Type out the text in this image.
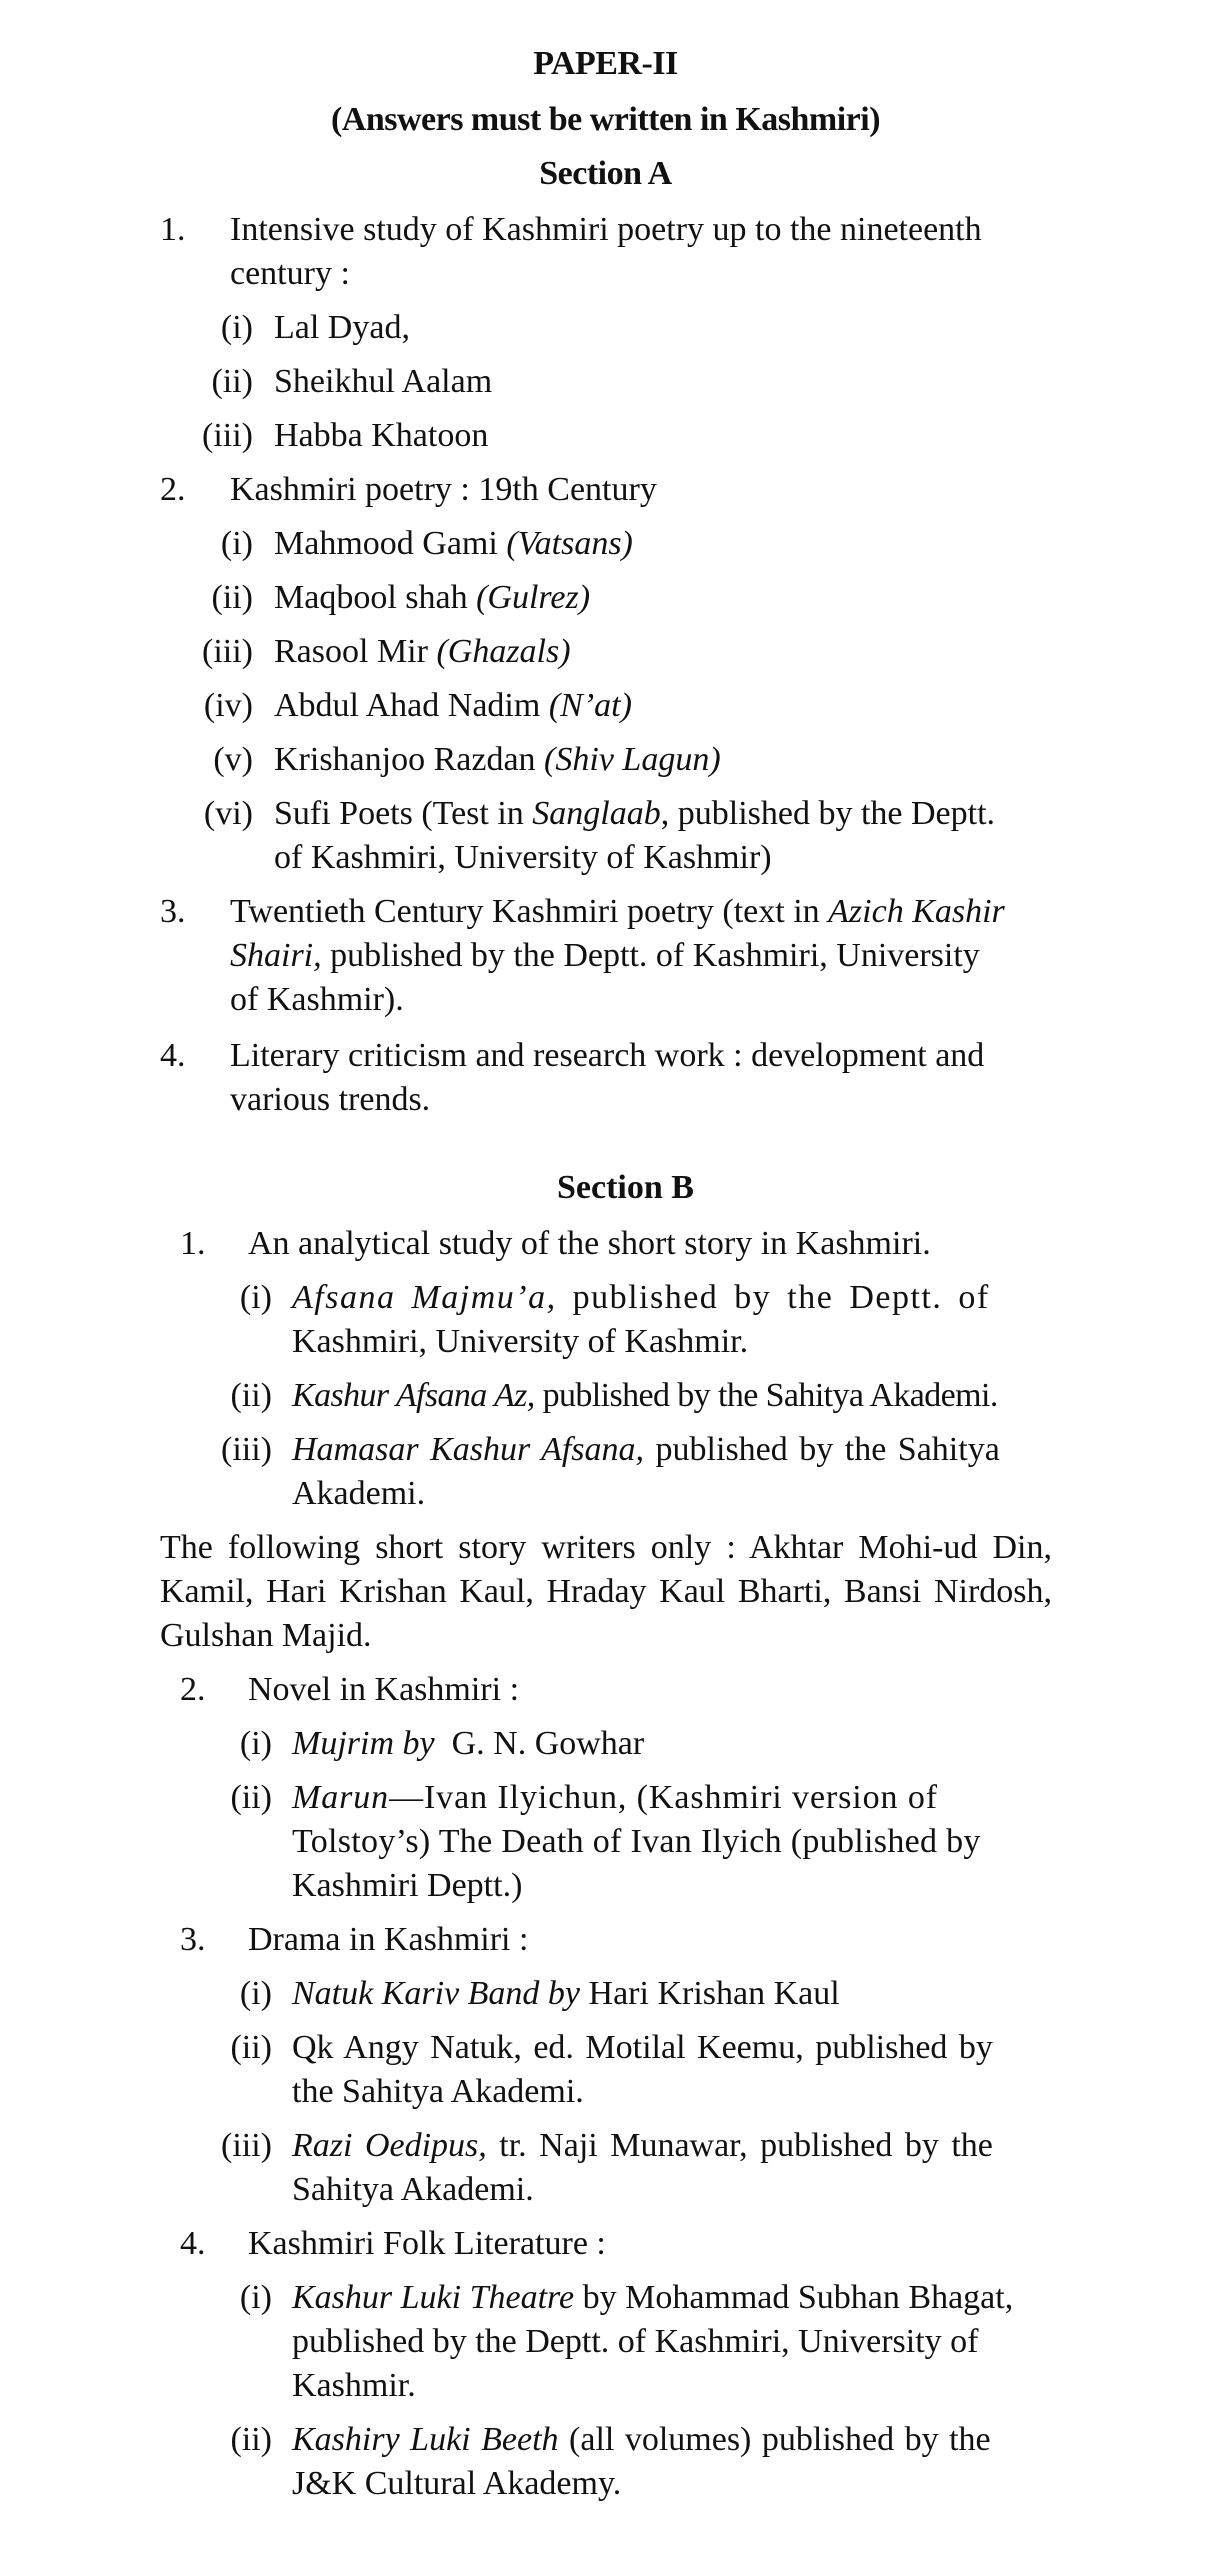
PAPER-II
(Answers must be written in Kashmiri)
Section A
1. Intensive study of Kashmiri poetry up to the nineteenth
century :
(i) Lal Dyad,
(ii) Sheikhul Aalam
(iii) Habba Khatoon
2. Kashmiri poetry : 19th Century
(i) Mahmood Gami (Vatsans)
(ii) Maqbool shah (Gulrez)
(iii) Rasool Mir (Ghazals)
(iv) Abdul Ahad Nadim (N’at)
(v) Krishanjoo Razdan (Shiv Lagun)
(vi) Sufi Poets (Test in Sanglaab, published by the Deptt.
of Kashmiri, University of Kashmir)
3. Twentieth Century Kashmiri poetry (text in Azich Kashir
Shairi, published by the Deptt. of Kashmiri, University
of Kashmir).
4. Literary criticism and research work : development and
various trends.
Section B
1. An analytical study of the short story in Kashmiri.
(i) Afsana Majmu’a, published by the Deptt. of
Kashmiri, University of Kashmir.
(ii) Kashur Afsana Az, published by the Sahitya Akademi.
(iii) Hamasar Kashur Afsana, published by the Sahitya
Akademi.
The following short story writers only : Akhtar Mohi-ud Din, Kamil, Hari Krishan Kaul, Hraday Kaul Bharti, Bansi Nirdosh, Gulshan Majid.
2. Novel in Kashmiri :
(i) Mujrim by  G. N. Gowhar
(ii) Marun—Ivan Ilyichun, (Kashmiri version of
Tolstoy’s) The Death of Ivan Ilyich (published by
Kashmiri Deptt.)
3. Drama in Kashmiri :
(i) Natuk Kariv Band by Hari Krishan Kaul
(ii) Qk Angy Natuk, ed. Motilal Keemu, published by
the Sahitya Akademi.
(iii) Razi Oedipus, tr. Naji Munawar, published by the
Sahitya Akademi.
4. Kashmiri Folk Literature :
(i) Kashur Luki Theatre by Mohammad Subhan Bhagat,
published by the Deptt. of Kashmiri, University of
Kashmir.
(ii) Kashiry Luki Beeth (all volumes) published by the
J&K Cultural Akademy.
